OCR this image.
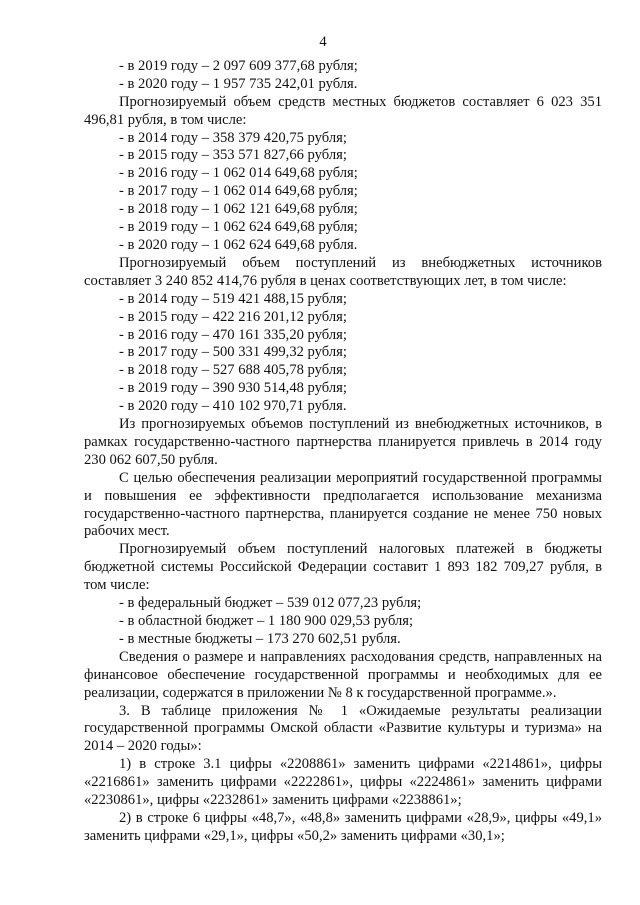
4
- в 2019 году – 2 097 609 377,68 рубля;
- в 2020 году – 1 957 735 242,01 рубля.

Прогнозируемый объем средств местных бюджетов составляет 6 023 351 496,81 рубля, в том числе:

- в 2014 году – 358 379 420,75 рубля;
- в 2015 году – 353 571 827,66 рубля;
- в 2016 году – 1 062 014 649,68 рубля;
- в 2017 году – 1 062 014 649,68 рубля;
- в 2018 году – 1 062 121 649,68 рубля;
- в 2019 году – 1 062 624 649,68 рубля;
- в 2020 году – 1 062 624 649,68 рубля.

Прогнозируемый объем поступлений из внебюджетных источников составляет 3 240 852 414,76 рубля в ценах соответствующих лет, в том числе:

- в 2014 году – 519 421 488,15 рубля;
- в 2015 году – 422 216 201,12 рубля;
- в 2016 году – 470 161 335,20 рубля;
- в 2017 году – 500 331 499,32 рубля;
- в 2018 году – 527 688 405,78 рубля;
- в 2019 году – 390 930 514,48 рубля;
- в 2020 году – 410 102 970,71 рубля.

Из прогнозируемых объемов поступлений из внебюджетных источников, в рамках государственно-частного партнерства планируется привлечь в 2014 году 230 062 607,50 рубля.

С целью обеспечения реализации мероприятий государственной программы и повышения ее эффективности предполагается использование механизма государственно-частного партнерства, планируется создание не менее 750 новых рабочих мест.

Прогнозируемый объем поступлений налоговых платежей в бюджеты бюджетной системы Российской Федерации составит 1 893 182 709,27 рубля, в том числе:

- в федеральный бюджет – 539 012 077,23 рубля;
- в областной бюджет – 1 180 900 029,53 рубля;
- в местные бюджеты – 173 270 602,51 рубля.

Сведения о размере и направлениях расходования средств, направленных на финансовое обеспечение государственной программы и необходимых для ее реализации, содержатся в приложении № 8 к государственной программе.».

3. В таблице приложения № 1 «Ожидаемые результаты реализации государственной программы Омской области «Развитие культуры и туризма» на 2014 – 2020 годы»:

1) в строке 3.1 цифры «2208861» заменить цифрами «2214861», цифры «2216861» заменить цифрами «2222861», цифры «2224861» заменить цифрами «2230861», цифры «2232861» заменить цифрами «2238861»;

2) в строке 6 цифры «48,7», «48,8» заменить цифрами «28,9», цифры «49,1» заменить цифрами «29,1», цифры «50,2» заменить цифрами «30,1»;
